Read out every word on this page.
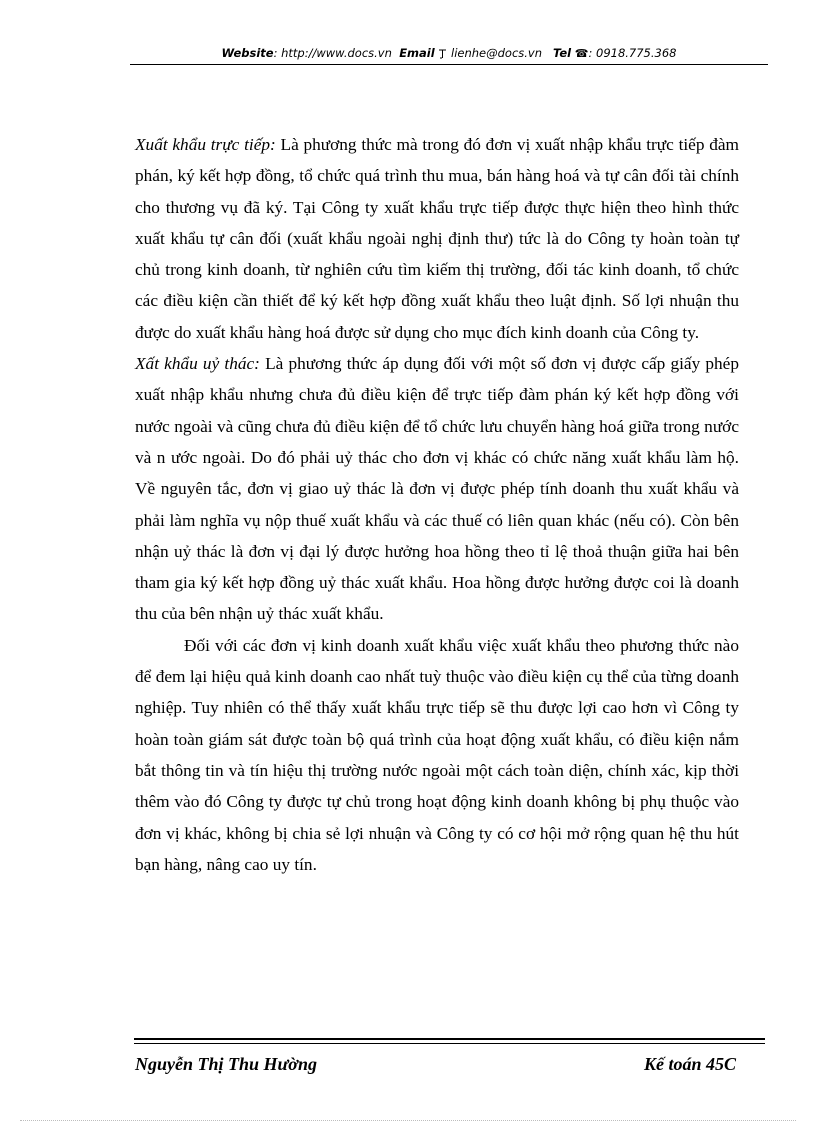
Website: http://www.docs.vn Email lienhe@docs.vn Tel ☎: 0918.775.368

Xuất khẩu trực tiếp: Là phương thức mà trong đó đơn vị xuất nhập khẩu trực tiếp đàm phán, ký kết hợp đồng, tổ chức quá trình thu mua, bán hàng hoá và tự cân đối tài chính cho thương vụ đã ký. Tại Công ty xuất khẩu trực tiếp được thực hiện theo hình thức xuất khẩu tự cân đối (xuất khẩu ngoài nghị định thư) tức là do Công ty hoàn toàn tự chủ trong kinh doanh, từ nghiên cứu tìm kiếm thị trường, đối tác kinh doanh, tổ chức các điều kiện cần thiết để ký kết hợp đồng xuất khẩu theo luật định. Số lợi nhuận thu được do xuất khẩu hàng hoá được sử dụng cho mục đích kinh doanh của Công ty.

Xất khẩu uỷ thác: Là phương thức áp dụng đối với một số đơn vị được cấp giấy phép xuất nhập khẩu nhưng chưa đủ điều kiện để trực tiếp đàm phán ký kết hợp đồng với nước ngoài và cũng chưa đủ điều kiện để tổ chức lưu chuyển hàng hoá giữa trong nước và n ước ngoài. Do đó phải uỷ thác cho đơn vị khác có chức năng xuất khẩu làm hộ. Về nguyên tắc, đơn vị giao uỷ thác là đơn vị được phép tính doanh thu xuất khẩu và phải làm nghĩa vụ nộp thuế xuất khẩu và các thuế có liên quan khác (nếu có). Còn bên nhận uỷ thác là đơn vị đại lý được hưởng hoa hồng theo tỉ lệ thoả thuận giữa hai bên tham gia ký kết hợp đồng uỷ thác xuất khẩu. Hoa hồng được hưởng được coi là doanh thu của bên nhận uỷ thác xuất khẩu.

Đối với các đơn vị kinh doanh xuất khẩu việc xuất khẩu theo phương thức nào để đem lại hiệu quả kinh doanh cao nhất tuỳ thuộc vào điều kiện cụ thể của từng doanh nghiệp. Tuy nhiên có thể thấy xuất khẩu trực tiếp sẽ thu được lợi cao hơn vì Công ty hoàn toàn giám sát được toàn bộ quá trình của hoạt động xuất khẩu, có điều kiện nắm bắt thông tin và tín hiệu thị trường nước ngoài một cách toàn diện, chính xác, kịp thời thêm vào đó Công ty được tự chủ trong hoạt động kinh doanh không bị phụ thuộc vào đơn vị khác, không bị chia sẻ lợi nhuận và Công ty có cơ hội mở rộng quan hệ thu hút bạn hàng, nâng cao uy tín.

Nguyễn Thị Thu Hường	Kế toán 45C
